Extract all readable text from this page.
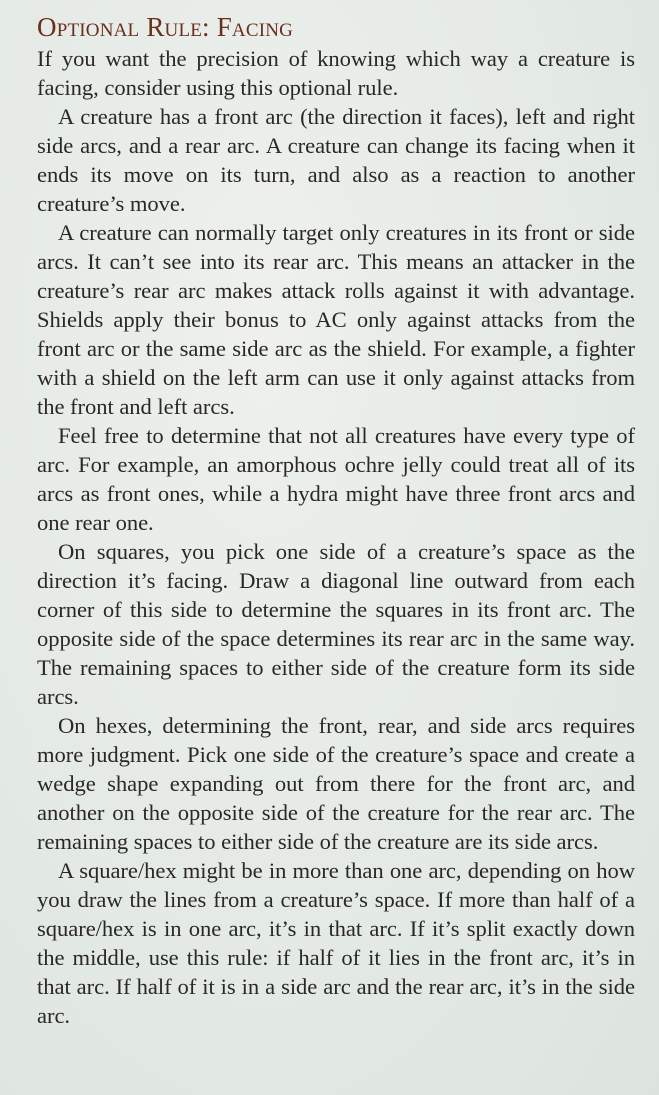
Optional Rule: Facing

If you want the precision of knowing which way a creature is facing, consider using this optional rule.

A creature has a front arc (the direction it faces), left and right side arcs, and a rear arc. A creature can change its facing when it ends its move on its turn, and also as a reaction to another creature’s move.

A creature can normally target only creatures in its front or side arcs. It can’t see into its rear arc. This means an attacker in the creature’s rear arc makes attack rolls against it with advantage. Shields apply their bonus to AC only against attacks from the front arc or the same side arc as the shield. For example, a fighter with a shield on the left arm can use it only against attacks from the front and left arcs.

Feel free to determine that not all creatures have every type of arc. For example, an amorphous ochre jelly could treat all of its arcs as front ones, while a hydra might have three front arcs and one rear one.

On squares, you pick one side of a creature’s space as the direction it’s facing. Draw a diagonal line outward from each corner of this side to determine the squares in its front arc. The opposite side of the space determines its rear arc in the same way. The remaining spaces to either side of the creature form its side arcs.

On hexes, determining the front, rear, and side arcs requires more judgment. Pick one side of the creature’s space and create a wedge shape expanding out from there for the front arc, and another on the opposite side of the creature for the rear arc. The remaining spaces to either side of the creature are its side arcs.

A square/hex might be in more than one arc, depending on how you draw the lines from a creature’s space. If more than half of a square/hex is in one arc, it’s in that arc. If it’s split exactly down the middle, use this rule: if half of it lies in the front arc, it’s in that arc. If half of it is in a side arc and the rear arc, it’s in the side arc.
